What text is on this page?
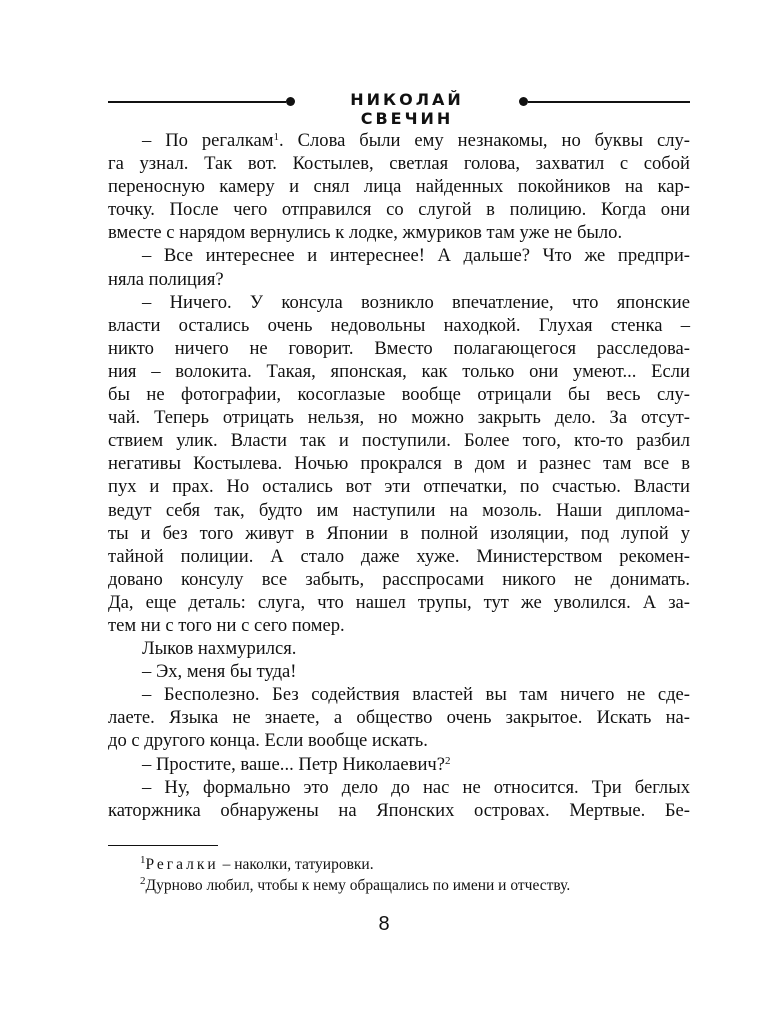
НИКОЛАЙ СВЕЧИН
– По регалкам$^1$. Слова были ему незнакомы, но буквы слу-
га узнал. Так вот. Костылев, светлая голова, захватил с собой
переносную камеру и снял лица найденных покойников на кар-
точку. После чего отправился со слугой в полицию. Когда они
вместе с нарядом вернулись к лодке, жмуриков там уже не было.
– Все интереснее и интереснее! А дальше? Что же предпри-
няла полиция?
– Ничего. У консула возникло впечатление, что японские
власти остались очень недовольны находкой. Глухая стенка –
никто ничего не говорит. Вместо полагающегося расследова-
ния – волокита. Такая, японская, как только они умеют... Если
бы не фотографии, косоглазые вообще отрицали бы весь слу-
чай. Теперь отрицать нельзя, но можно закрыть дело. За отсут-
ствием улик. Власти так и поступили. Более того, кто-то разбил
негативы Костылева. Ночью прокрался в дом и разнес там все в
пух и прах. Но остались вот эти отпечатки, по счастью. Власти
ведут себя так, будто им наступили на мозоль. Наши диплома-
ты и без того живут в Японии в полной изоляции, под лупой у
тайной полиции. А стало даже хуже. Министерством рекомен-
довано консулу все забыть, расспросами никого не донимать.
Да, еще деталь: слуга, что нашел трупы, тут же уволился. А за-
тем ни с того ни с сего помер.
Лыков нахмурился.
– Эх, меня бы туда!
– Бесполезно. Без содействия властей вы там ничего не сде-
лаете. Языка не знаете, а общество очень закрытое. Искать на-
до с другого конца. Если вообще искать.
– Простите, ваше... Петр Николаевич?$^2$
– Ну, формально это дело до нас не относится. Три беглых
каторжника обнаружены на Японских островах. Мертвые. Бе-
$^1$Регалки – наколки, татуировки.
$^2$Дурново любил, чтобы к нему обращались по имени и отчеству.
8
